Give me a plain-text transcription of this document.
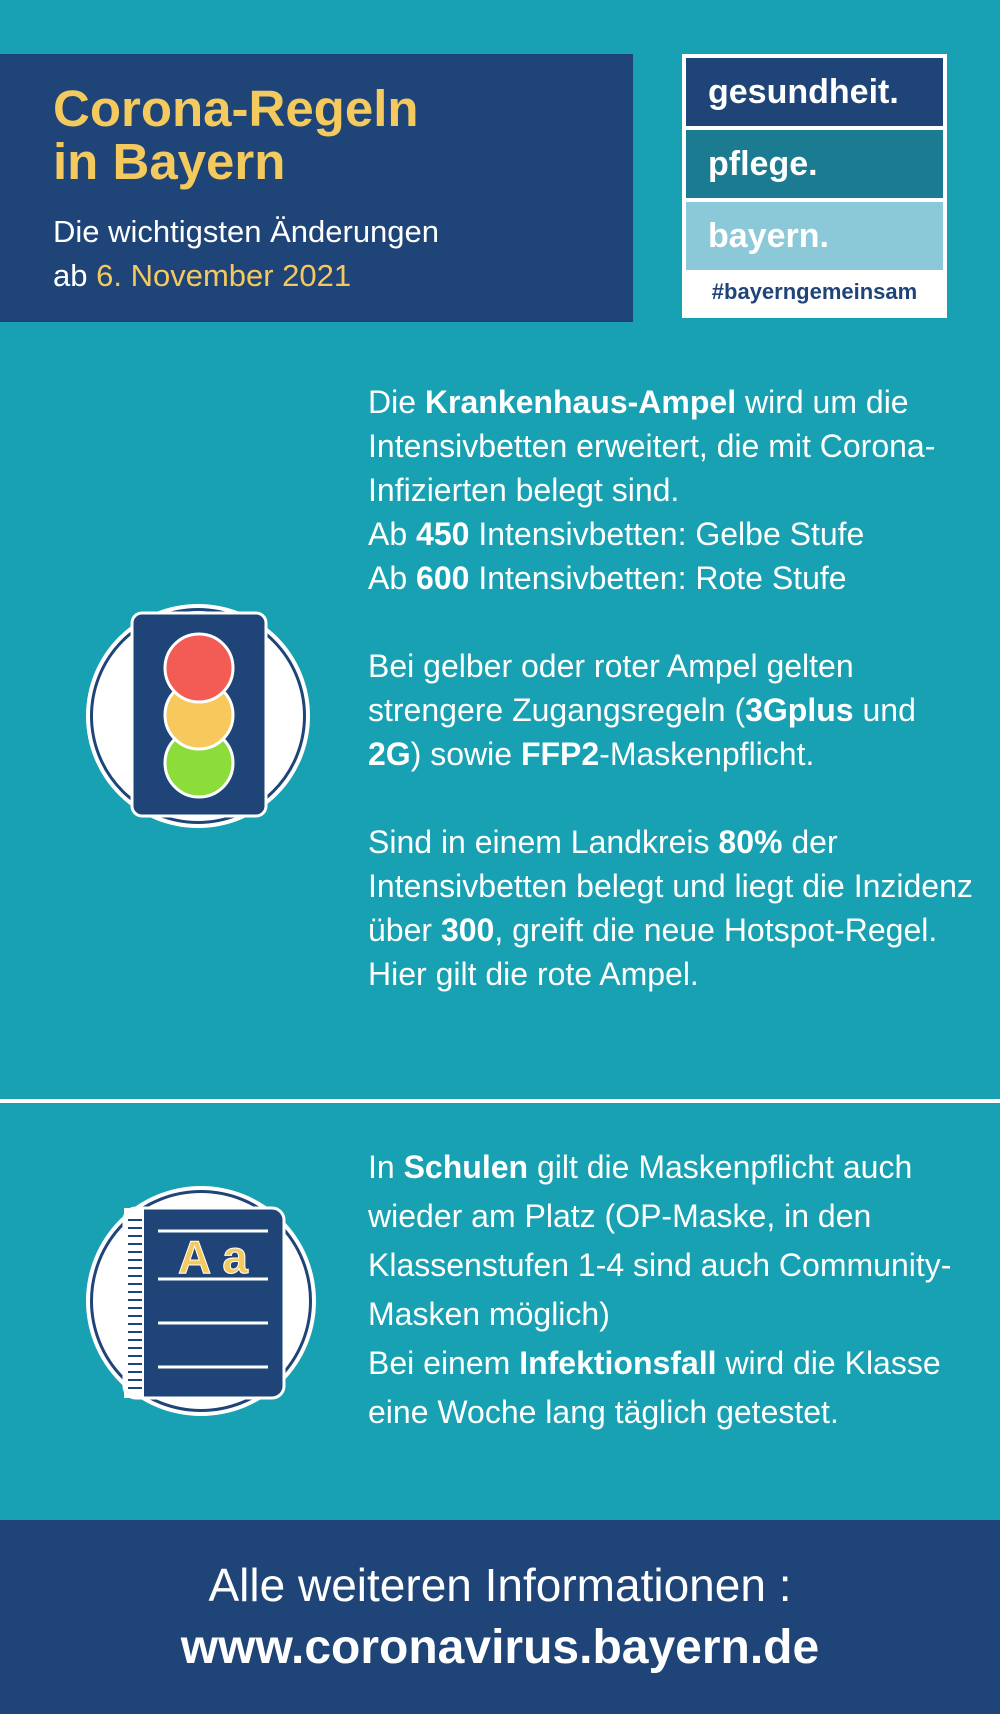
Corona-Regeln
in Bayern
Die wichtigsten Änderungen
ab 6. November 2021
gesundheit.
pflege.
bayern.
#bayerngemeinsam

Die Krankenhaus-Ampel wird um die Intensivbetten erweitert, die mit Corona-Infizierten belegt sind.
Ab 450 Intensivbetten: Gelbe Stufe
Ab 600 Intensivbetten: Rote Stufe

Bei gelber oder roter Ampel gelten strengere Zugangsregeln (3Gplus und 2G) sowie FFP2-Maskenpflicht.

Sind in einem Landkreis 80% der Intensivbetten belegt und liegt die Inzidenz über 300, greift die neue Hotspot-Regel. Hier gilt die rote Ampel.

A a

In Schulen gilt die Maskenpflicht auch wieder am Platz (OP-Maske, in den Klassenstufen 1-4 sind auch Community-Masken möglich)
Bei einem Infektionsfall wird die Klasse eine Woche lang täglich getestet.

Alle weiteren Informationen :
www.coronavirus.bayern.de
